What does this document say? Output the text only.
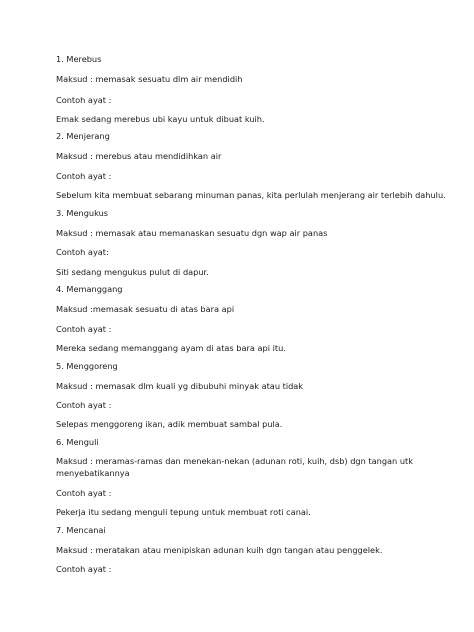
1. Merebus
Maksud : memasak sesuatu dlm air mendidih
Contoh ayat :
Emak sedang merebus ubi kayu untuk dibuat kuih.
2. Menjerang
Maksud : merebus atau mendidihkan air
Contoh ayat :
Sebelum kita membuat sebarang minuman panas, kita perlulah menjerang air terlebih dahulu.
3. Mengukus
Maksud : memasak atau memanaskan sesuatu dgn wap air panas
Contoh ayat:
Siti sedang mengukus pulut di dapur.
4. Memanggang
Maksud :memasak sesuatu di atas bara api
Contoh ayat :
Mereka sedang memanggang ayam di atas bara api itu.
5. Menggoreng
Maksud : memasak dlm kuali yg dibubuhi minyak atau tidak
Contoh ayat :
Selepas menggoreng ikan, adik membuat sambal pula.
6. Menguli
Maksud : meramas-ramas dan menekan-nekan (adunan roti, kuih, dsb) dgn tangan utk menyebatikannya
Contoh ayat :
Pekerja itu sedang menguli tepung untuk membuat roti canai.
7. Mencanai
Maksud : meratakan atau menipiskan adunan kuih dgn tangan atau penggelek.
Contoh ayat :
